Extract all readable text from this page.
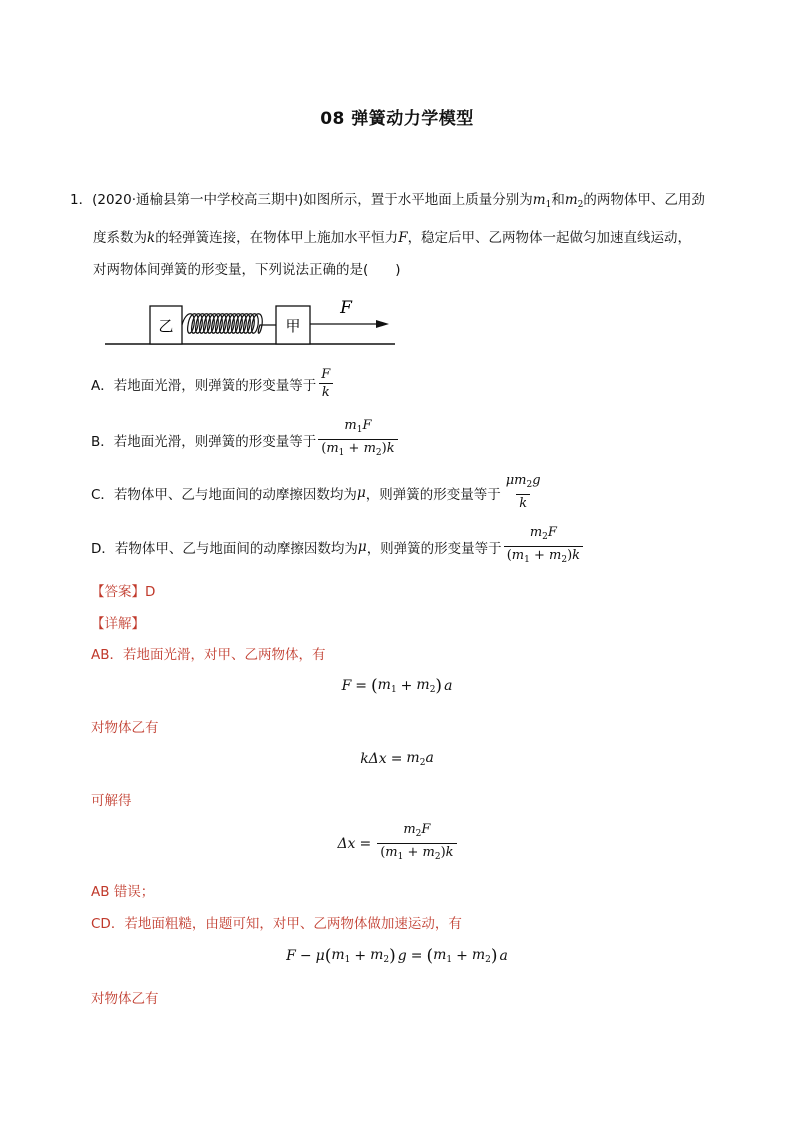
08 弹簧动力学模型
1．(2020·通榆县第一中学校高三期中)如图所示，置于水平地面上质量分别为$m_1$和$m_2$的两物体甲、乙用劲
度系数为k的轻弹簧连接，在物体甲上施加水平恒力F，稳定后甲、乙两物体一起做匀加速直线运动，
对两物体间弹簧的形变量，下列说法正确的是(　　)
乙	甲
F
A． 若地面光滑，则弹簧的形变量等于 $\frac{F}{k}$
B． 若地面光滑，则弹簧的形变量等于 $\frac{m_1F}{(m_1 + m_2)k}$
C． 若物体甲、乙与地面间的动摩擦因数均为 μ ，则弹簧的形变量等于 $\frac{\mu m_2g}{k}$
D． 若物体甲、乙与地面间的动摩擦因数均为 μ ，则弹簧的形变量等于 $\frac{m_2F}{(m_1 + m_2)k}$
【答案】D
【详解】
AB．若地面光滑，对甲、乙两物体，有
F = ( $m_1 + m_2$ ) a
对物体乙有
$k\Delta x = m_2a$
可解得
$\Delta x = \frac{m_2F}{(m_1 + m_2)k}$
AB 错误；
CD．若地面粗糙，由题可知，对甲、乙两物体做加速运动，有
F − μ ( $m_1 + m_2$ ) g = ( $m_1 + m_2$ ) a
对物体乙有
